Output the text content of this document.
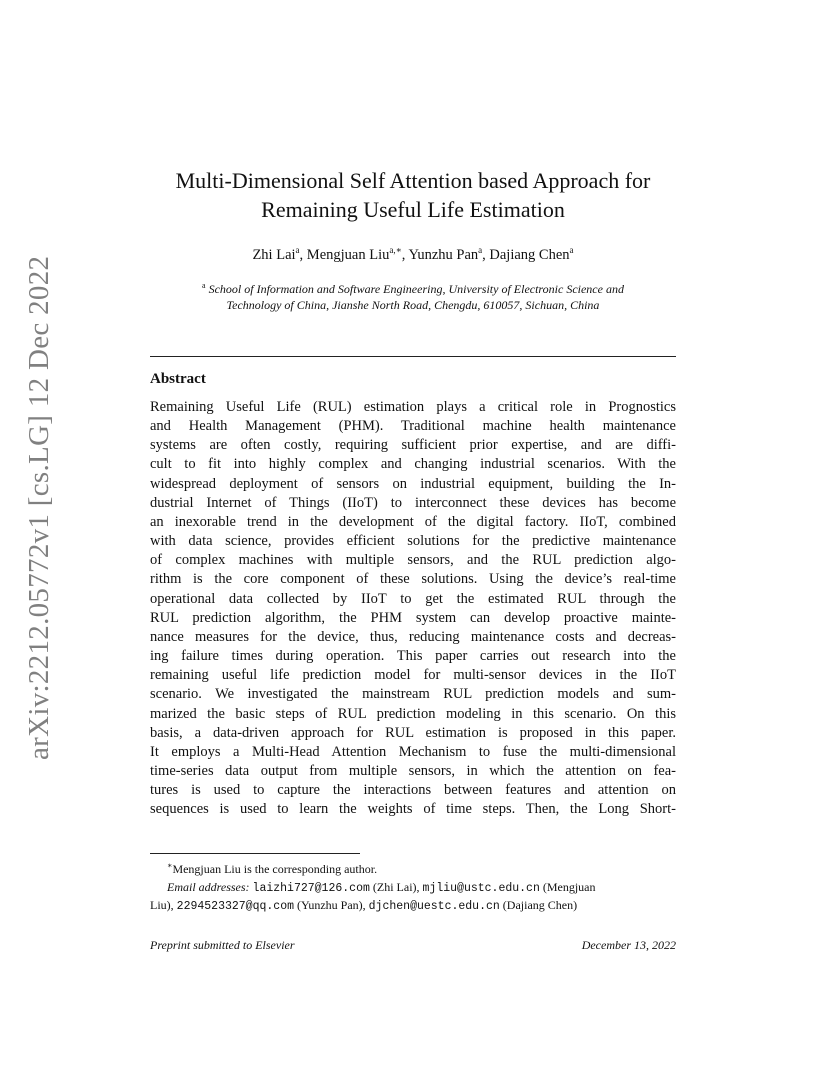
arXiv:2212.05772v1 [cs.LG] 12 Dec 2022
Multi-Dimensional Self Attention based Approach for
Remaining Useful Life Estimation
Zhi Lai$^a$, Mengjuan Liu$^{a,∗}$, Yunzhu Pan$^a$, Dajiang Chen$^a$
$^a$ School of Information and Software Engineering, University of Electronic Science and
Technology of China, Jianshe North Road, Chengdu, 610057, Sichuan, China
Abstract
Remaining Useful Life (RUL) estimation plays a critical role in Prognostics
and Health Management (PHM). Traditional machine health maintenance
systems are often costly, requiring sufficient prior expertise, and are diffi-
cult to fit into highly complex and changing industrial scenarios. With the
widespread deployment of sensors on industrial equipment, building the In-
dustrial Internet of Things (IIoT) to interconnect these devices has become
an inexorable trend in the development of the digital factory. IIoT, combined
with data science, provides efficient solutions for the predictive maintenance
of complex machines with multiple sensors, and the RUL prediction algo-
rithm is the core component of these solutions. Using the device’s real-time
operational data collected by IIoT to get the estimated RUL through the
RUL prediction algorithm, the PHM system can develop proactive mainte-
nance measures for the device, thus, reducing maintenance costs and decreas-
ing failure times during operation. This paper carries out research into the
remaining useful life prediction model for multi-sensor devices in the IIoT
scenario. We investigated the mainstream RUL prediction models and sum-
marized the basic steps of RUL prediction modeling in this scenario. On this
basis, a data-driven approach for RUL estimation is proposed in this paper.
It employs a Multi-Head Attention Mechanism to fuse the multi-dimensional
time-series data output from multiple sensors, in which the attention on fea-
tures is used to capture the interactions between features and attention on
sequences is used to learn the weights of time steps. Then, the Long Short-
∗Mengjuan Liu is the corresponding author.
Email addresses: laizhi727@126.com (Zhi Lai), mjliu@ustc.edu.cn (Mengjuan
Liu), 2294523327@qq.com (Yunzhu Pan), djchen@uestc.edu.cn (Dajiang Chen)
Preprint submitted to Elsevier	December 13, 2022
